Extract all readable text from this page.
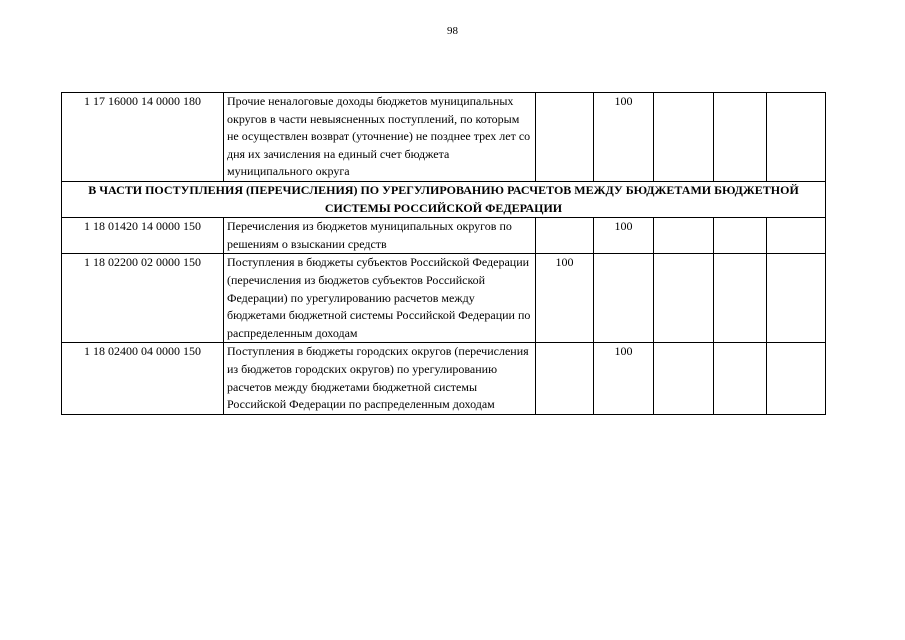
98
1 17 16000 14 0000 180	Прочие неналоговые доходы бюджетов муниципальных округов в части невыясненных поступлений, по которым не осуществлен возврат (уточнение) не позднее трех лет со дня их зачисления на единый счет бюджета муниципального округа		100			
В ЧАСТИ ПОСТУПЛЕНИЯ (ПЕРЕЧИСЛЕНИЯ) ПО УРЕГУЛИРОВАНИЮ РАСЧЕТОВ МЕЖДУ БЮДЖЕТАМИ БЮДЖЕТНОЙ СИСТЕМЫ РОССИЙСКОЙ ФЕДЕРАЦИИ						
1 18 01420 14 0000 150	Перечисления из бюджетов муниципальных округов по решениям о взыскании средств		100			
1 18 02200 02 0000 150	Поступления в бюджеты субъектов Российской Федерации (перечисления из бюджетов субъектов Российской Федерации) по урегулированию расчетов между бюджетами бюджетной системы Российской Федерации по распределенным доходам	100				
1 18 02400 04 0000 150	Поступления в бюджеты городских округов (перечисления из бюджетов городских округов) по урегулированию расчетов между бюджетами бюджетной системы Российской Федерации по распределенным доходам		100			
